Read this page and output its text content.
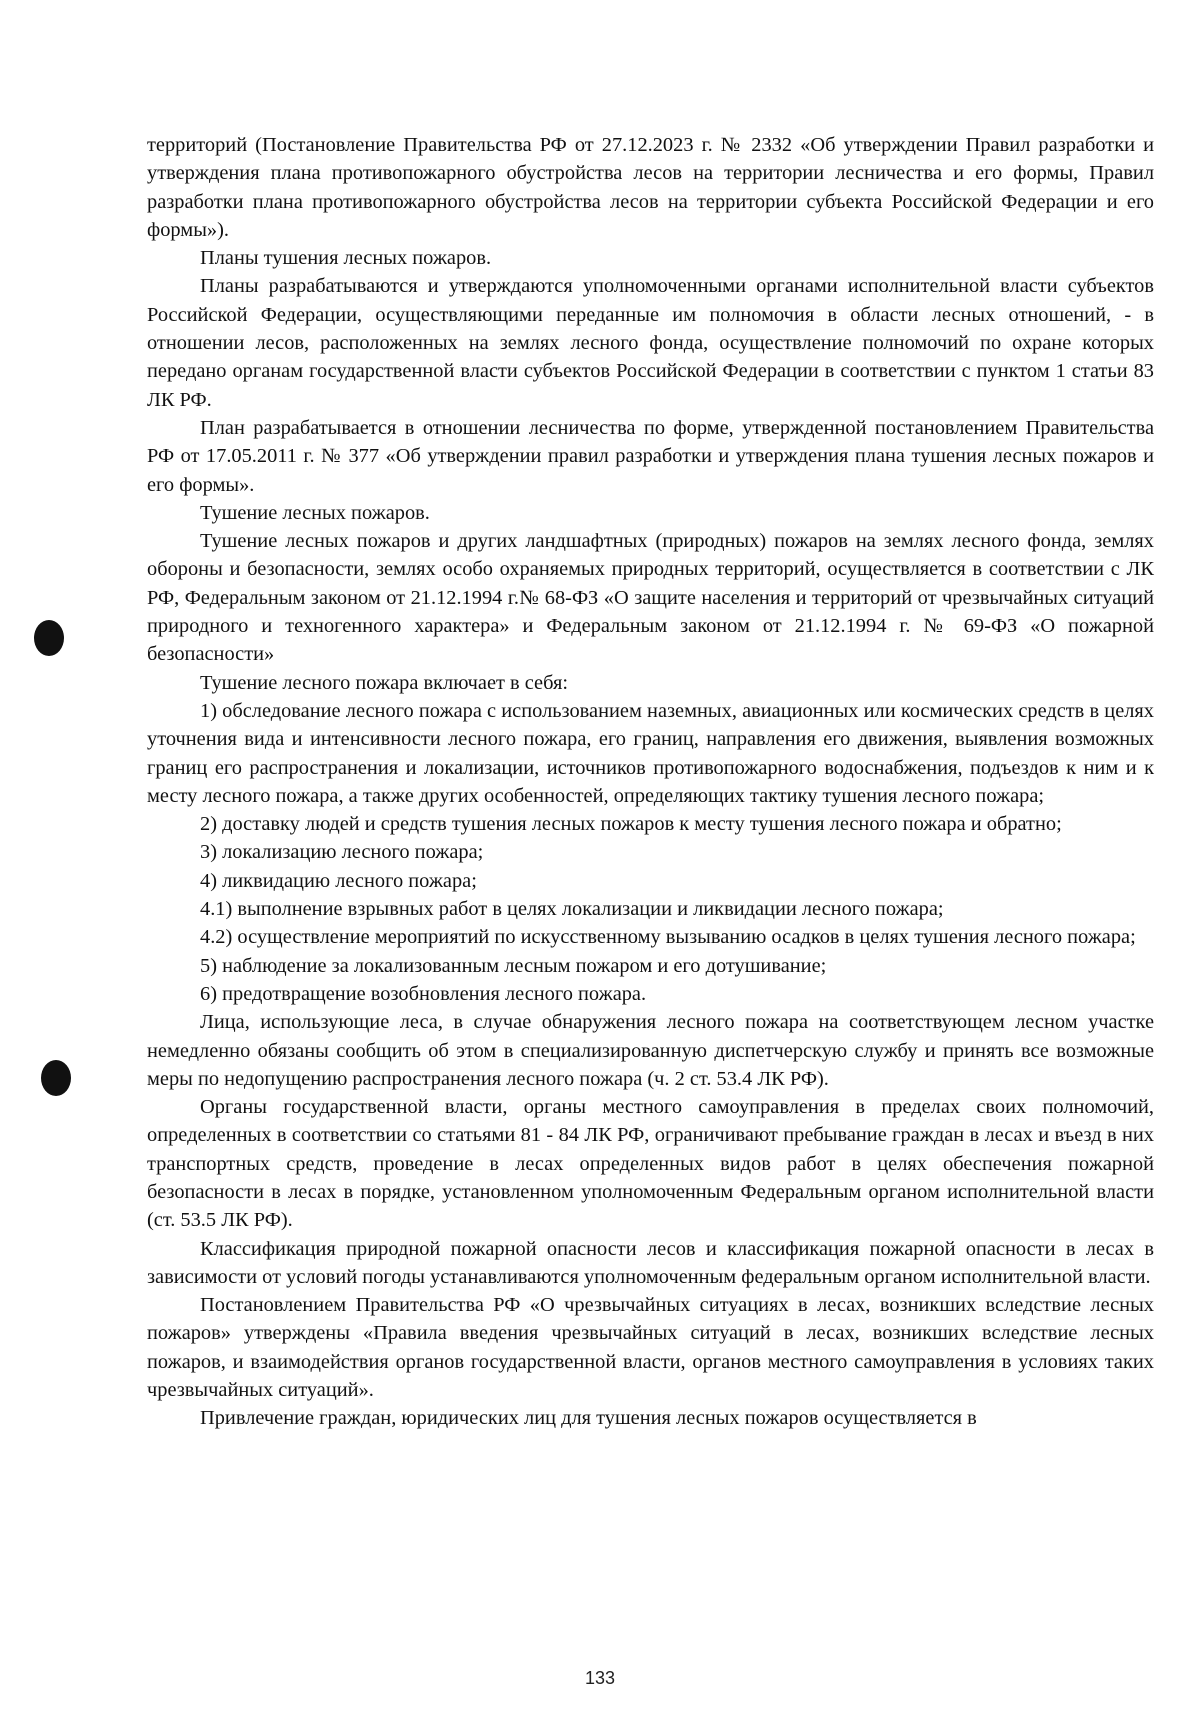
территорий (Постановление Правительства РФ от 27.12.2023 г. № 2332 «Об утверждении Правил разработки и утверждения плана противопожарного обустройства лесов на территории лесничества и его формы, Правил разработки плана противопожарного обустройства лесов на территории субъекта Российской Федерации и его формы»).

Планы тушения лесных пожаров.

Планы разрабатываются и утверждаются уполномоченными органами исполнительной власти субъектов Российской Федерации, осуществляющими переданные им полномочия в области лесных отношений, - в отношении лесов, расположенных на землях лесного фонда, осуществление полномочий по охране которых передано органам государственной власти субъектов Российской Федерации в соответствии с пунктом 1 статьи 83 ЛК РФ.

План разрабатывается в отношении лесничества по форме, утвержденной постановлением Правительства РФ от 17.05.2011 г. № 377 «Об утверждении правил разработки и утверждения плана тушения лесных пожаров и его формы».

Тушение лесных пожаров.

Тушение лесных пожаров и других ландшафтных (природных) пожаров на землях лесного фонда, землях обороны и безопасности, землях особо охраняемых природных территорий, осуществляется в соответствии с ЛК РФ, Федеральным законом от 21.12.1994 г.№ 68-ФЗ «О защите населения и территорий от чрезвычайных ситуаций природного и техногенного характера» и Федеральным законом от 21.12.1994 г. № 69-ФЗ «О пожарной безопасности»

Тушение лесного пожара включает в себя:

1) обследование лесного пожара с использованием наземных, авиационных или космических средств в целях уточнения вида и интенсивности лесного пожара, его границ, направления его движения, выявления возможных границ его распространения и локализации, источников противопожарного водоснабжения, подъездов к ним и к месту лесного пожара, а также других особенностей, определяющих тактику тушения лесного пожара;

2) доставку людей и средств тушения лесных пожаров к месту тушения лесного пожара и обратно;

3) локализацию лесного пожара;

4) ликвидацию лесного пожара;

4.1) выполнение взрывных работ в целях локализации и ликвидации лесного пожара;

4.2) осуществление мероприятий по искусственному вызыванию осадков в целях тушения лесного пожара;

5) наблюдение за локализованным лесным пожаром и его дотушивание;

6) предотвращение возобновления лесного пожара.

Лица, использующие леса, в случае обнаружения лесного пожара на соответствующем лесном участке немедленно обязаны сообщить об этом в специализированную диспетчерскую службу и принять все возможные меры по недопущению распространения лесного пожара (ч. 2 ст. 53.4 ЛК РФ).

Органы государственной власти, органы местного самоуправления в пределах своих полномочий, определенных в соответствии со статьями 81 - 84 ЛК РФ, ограничивают пребывание граждан в лесах и въезд в них транспортных средств, проведение в лесах определенных видов работ в целях обеспечения пожарной безопасности в лесах в порядке, установленном уполномоченным Федеральным органом исполнительной власти (ст. 53.5 ЛК РФ).

Классификация природной пожарной опасности лесов и классификация пожарной опасности в лесах в зависимости от условий погоды устанавливаются уполномоченным федеральным органом исполнительной власти.

Постановлением Правительства РФ «О чрезвычайных ситуациях в лесах, возникших вследствие лесных пожаров» утверждены «Правила введения чрезвычайных ситуаций в лесах, возникших вследствие лесных пожаров, и взаимодействия органов государственной власти, органов местного самоуправления в условиях таких чрезвычайных ситуаций».

Привлечение граждан, юридических лиц для тушения лесных пожаров осуществляется в

133
